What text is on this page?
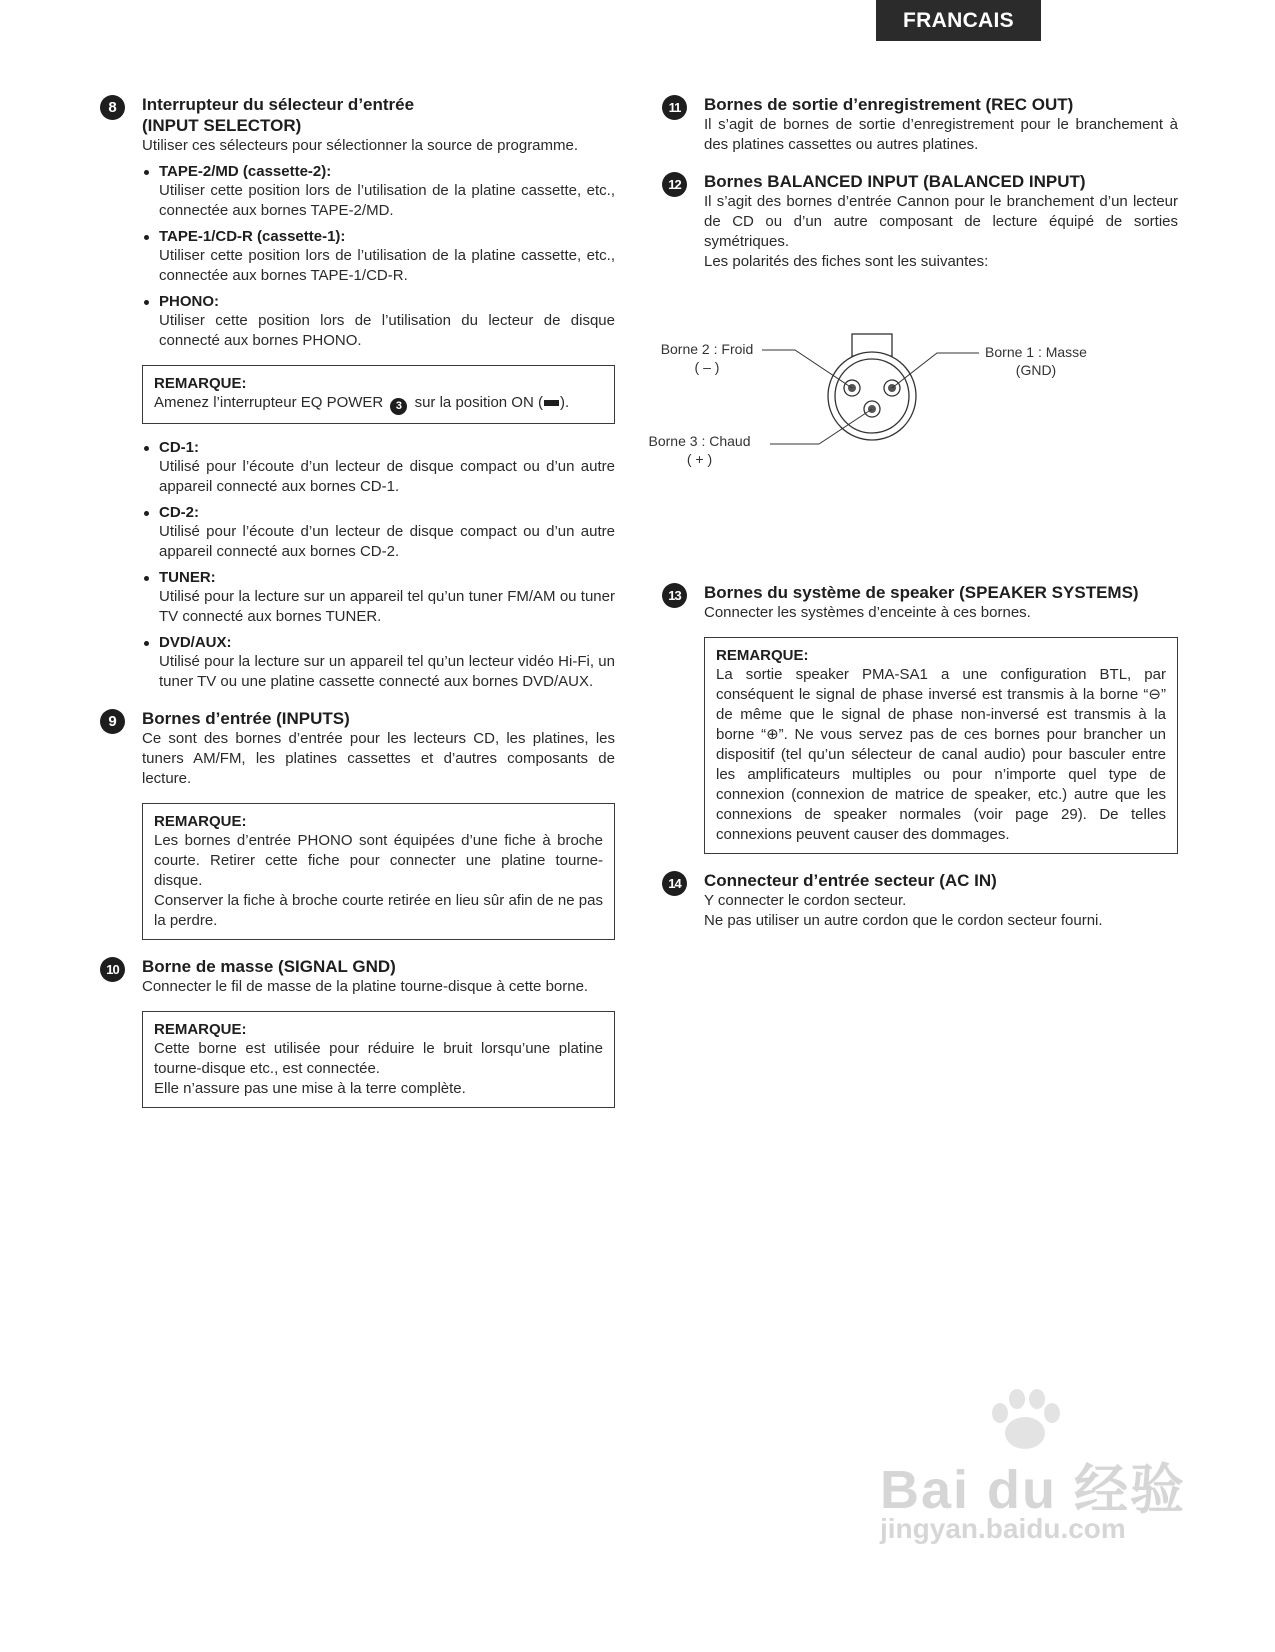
FRANCAIS
8	Interrupteur du sélecteur d’entrée
(INPUT SELECTOR)
Utiliser ces sélecteurs pour sélectionner la source de programme.
TAPE-2/MD (cassette-2):
Utiliser cette position lors de l’utilisation de la platine cassette, etc., connectée aux bornes TAPE-2/MD.
TAPE-1/CD-R (cassette-1):
Utiliser cette position lors de l’utilisation de la platine cassette, etc., connectée aux bornes TAPE-1/CD-R.
PHONO:
Utiliser cette position lors de l’utilisation du lecteur de disque connecté aux bornes PHONO.
REMARQUE:
Amenez l’interrupteur EQ POWER 3 sur la position ON ( ).
CD-1:
Utilisé pour l’écoute d’un lecteur de disque compact ou d’un autre appareil connecté aux bornes CD-1.
CD-2:
Utilisé pour l’écoute d’un lecteur de disque compact ou d’un autre appareil connecté aux bornes CD-2.
TUNER:
Utilisé pour la lecture sur un appareil tel qu’un tuner FM/AM ou tuner TV connecté aux bornes TUNER.
DVD/AUX:
Utilisé pour la lecture sur un appareil tel qu’un lecteur vidéo Hi-Fi, un tuner TV ou une platine cassette connecté aux bornes DVD/AUX.
9	Bornes d’entrée (INPUTS)
Ce sont des bornes d’entrée pour les lecteurs CD, les platines, les tuners AM/FM, les platines cassettes et d’autres composants de lecture.
REMARQUE:
Les bornes d’entrée PHONO sont équipées d’une fiche à broche courte. Retirer cette fiche pour connecter une platine tourne-disque.
Conserver la fiche à broche courte retirée en lieu sûr afin de ne pas la perdre.
10	Borne de masse (SIGNAL GND)
Connecter le fil de masse de la platine tourne-disque à cette borne.
REMARQUE:
Cette borne est utilisée pour réduire le bruit lorsqu’une platine tourne-disque etc., est connectée.
Elle n’assure pas une mise à la terre complète.
11	Bornes de sortie d’enregistrement (REC OUT)
Il s’agit de bornes de sortie d’enregistrement pour le branchement à des platines cassettes ou autres platines.
12	Bornes BALANCED INPUT (BALANCED INPUT)
Il s’agit des bornes d’entrée Cannon pour le branchement d’un lecteur de CD ou d’un autre composant de lecture équipé de sorties symétriques.
Les polarités des fiches sont les suivantes:
Borne 2 : Froid
( – )
Borne 1 : Masse
(GND)
Borne 3 : Chaud
( + )
13	Bornes du système de speaker (SPEAKER SYSTEMS)
Connecter les systèmes d’enceinte à ces bornes.
REMARQUE:
La sortie speaker PMA-SA1 a une configuration BTL, par conséquent le signal de phase inversé est transmis à la borne “⊖” de même que le signal de phase non-inversé est transmis à la borne “⊕”. Ne vous servez pas de ces bornes pour brancher un dispositif (tel qu’un sélecteur de canal audio) pour basculer entre les amplificateurs multiples ou pour n’importe quel type de connexion (connexion de matrice de speaker, etc.) autre que les connexions de speaker normales (voir page 29). De telles connexions peuvent causer des dommages.
14	Connecteur d’entrée secteur (AC IN)
Y connecter le cordon secteur.
Ne pas utiliser un autre cordon que le cordon secteur fourni.
Bai du 经验
jingyan.baidu.com
